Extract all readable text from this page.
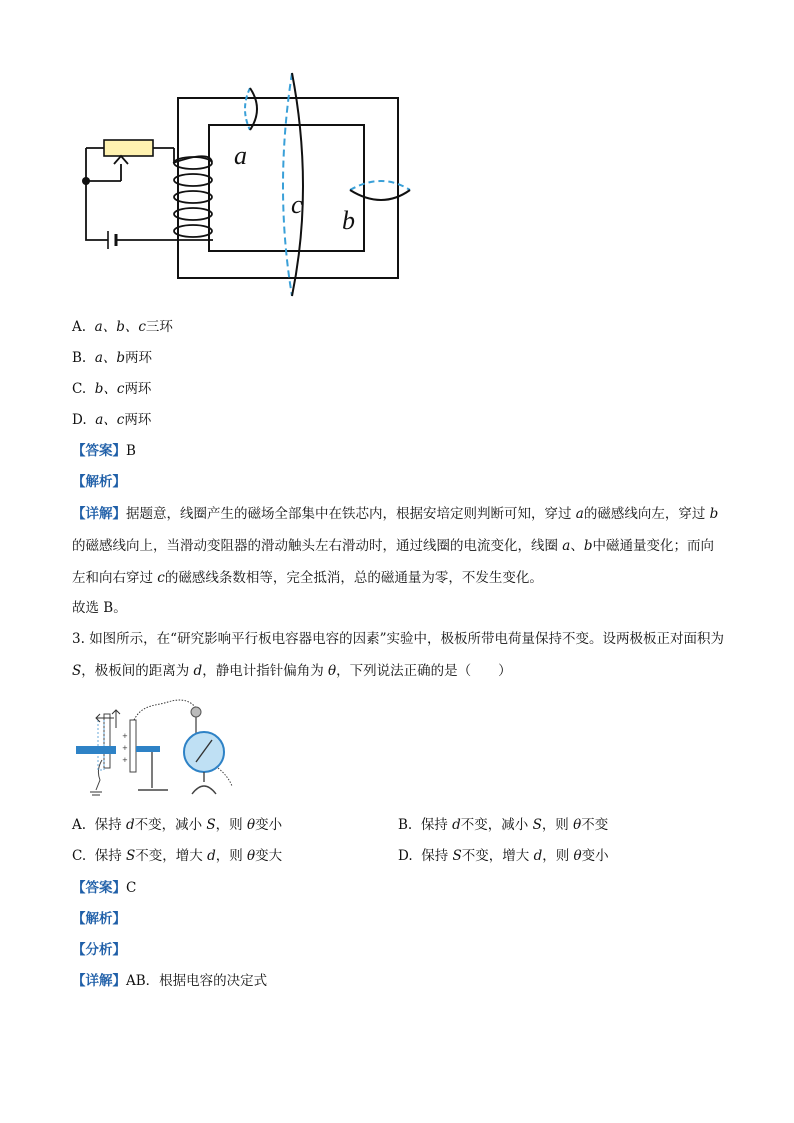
a
c
b
A. a、b、c三环
B. a、b两环
C. b、c两环
D. a、c两环
【答案】B
【解析】
【详解】据题意，线圈产生的磁场全部集中在铁芯内，根据安培定则判断可知，穿过 a的磁感线向左，穿过 b的磁感线向上，当滑动变阻器的滑动触头左右滑动时，通过线圈的电流变化，线圈 a、b中磁通量变化；而向左和向右穿过 c的磁感线条数相等，完全抵消，总的磁通量为零，不发生变化。
故选 B。
3. 如图所示，在“研究影响平行板电容器电容的因素”实验中，极板所带电荷量保持不变。设两极板正对面积为 S，极板间的距离为 d，静电计指针偏角为 θ，下列说法正确的是（　　）
+
+
+
A. 保持 d不变，减小 S，则 θ变小	B. 保持 d不变，减小 S，则 θ不变
C. 保持 S不变，增大 d，则 θ变大	D. 保持 S不变，增大 d，则 θ变小
【答案】C
【解析】
【分析】
【详解】AB．根据电容的决定式
